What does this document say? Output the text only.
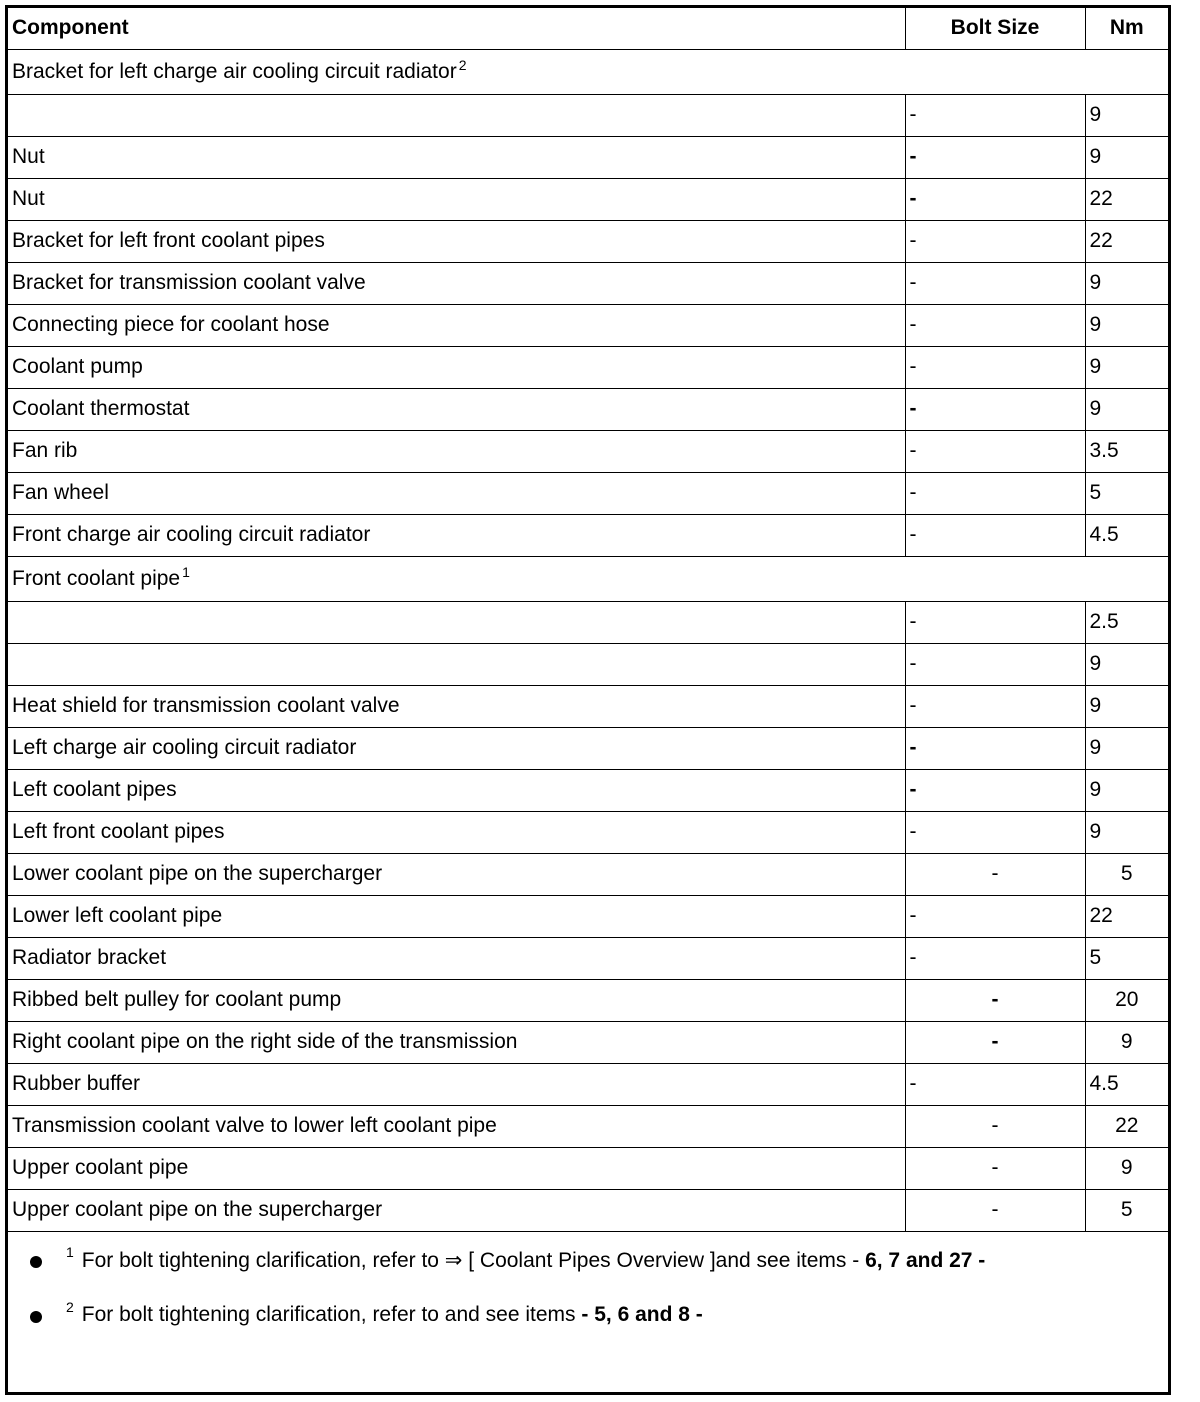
Component	Bolt Size	Nm
Bracket for left charge air cooling circuit radiator $^2$
	-	9
Nut	-	9
Nut	-	22
Bracket for left front coolant pipes	-	22
Bracket for transmission coolant valve	-	9
Connecting piece for coolant hose	-	9
Coolant pump	-	9
Coolant thermostat	-	9
Fan rib	-	3.5
Fan wheel	-	5
Front charge air cooling circuit radiator	-	4.5
Front coolant pipe $^1$
	-	2.5
	-	9
Heat shield for transmission coolant valve	-	9
Left charge air cooling circuit radiator	-	9
Left coolant pipes	-	9
Left front coolant pipes	-	9
Lower coolant pipe on the supercharger	-	5
Lower left coolant pipe	-	22
Radiator bracket	-	5
Ribbed belt pulley for coolant pump	-	20
Right coolant pipe on the right side of the transmission	-	9
Rubber buffer	-	4.5
Transmission coolant valve to lower left coolant pipe	-	22
Upper coolant pipe	-	9
Upper coolant pipe on the supercharger	-	5
$^1$ For bolt tightening clarification, refer to ⇒ [ Coolant Pipes Overview ]and see items - 6, 7 and 27 -
$^2$ For bolt tightening clarification, refer to and see items - 5, 6 and 8 -
